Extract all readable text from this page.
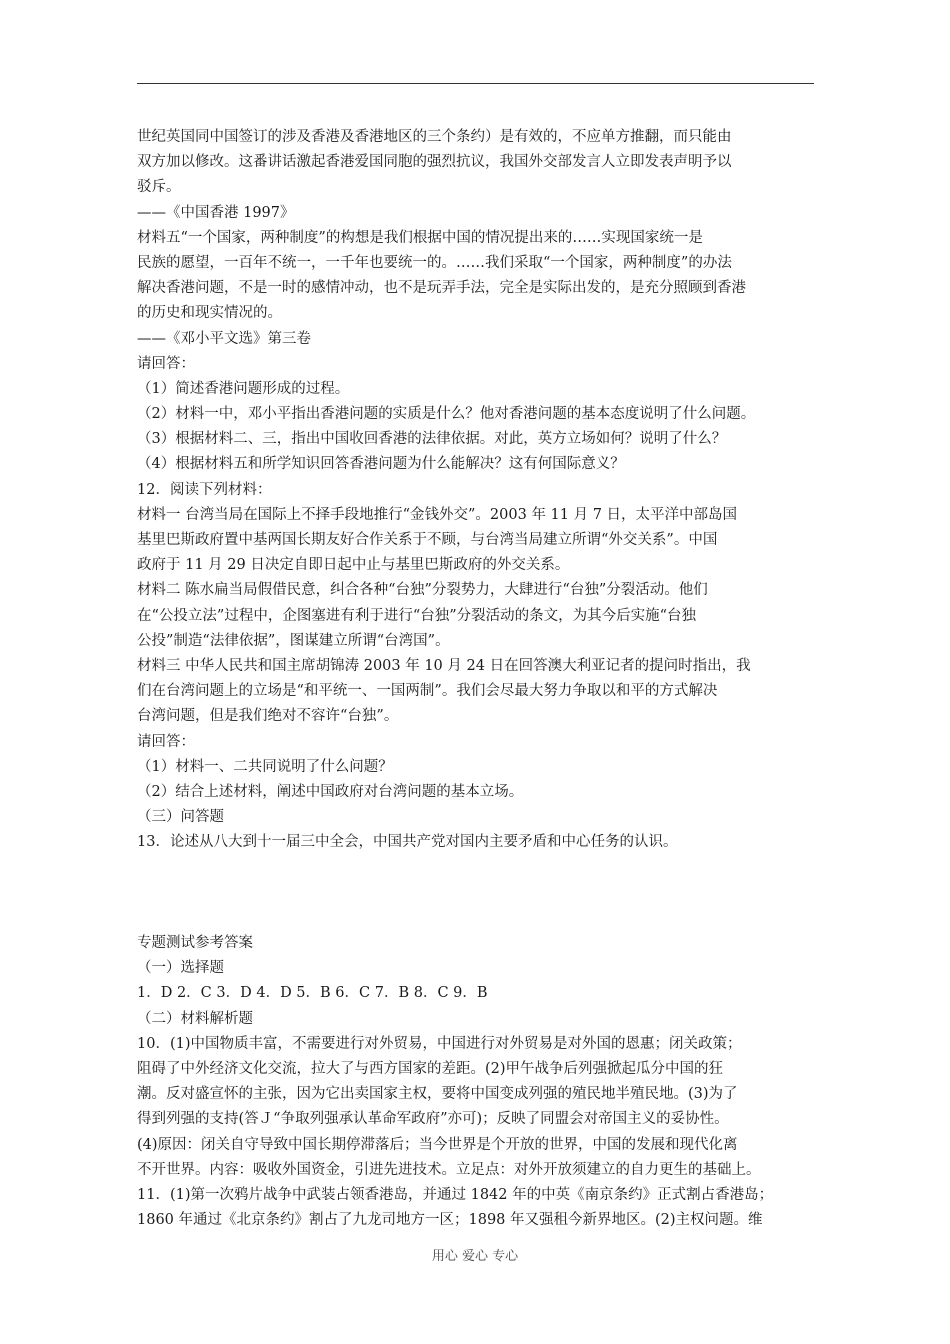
世纪英国同中国签订的涉及香港及香港地区的三个条约）是有效的，不应单方推翻，而只能由
双方加以修改。这番讲话激起香港爱国同胞的强烈抗议，我国外交部发言人立即发表声明予以
驳斥。
——《中国香港 1997》
材料五“一个国家，两种制度”的构想是我们根据中国的情况提出来的……实现国家统一是
民族的愿望，一百年不统一，一千年也要统一的。……我们采取“一个国家，两种制度”的办法
解决香港问题，不是一时的感情冲动，也不是玩弄手法，完全是实际出发的，是充分照顾到香港
的历史和现实情况的。
——《邓小平文选》第三卷
请回答：
（1）简述香港问题形成的过程。
（2）材料一中，邓小平指出香港问题的实质是什么？他对香港问题的基本态度说明了什么问题。
（3）根据材料二、三，指出中国收回香港的法律依据。对此，英方立场如何？说明了什么？
（4）根据材料五和所学知识回答香港问题为什么能解决？这有何国际意义？
12．阅读下列材料：
材料一 台湾当局在国际上不择手段地推行“金钱外交”。2003 年 11 月 7 日，太平洋中部岛国
基里巴斯政府置中基两国长期友好合作关系于不顾，与台湾当局建立所谓“外交关系”。中国
政府于 11 月 29 日决定自即日起中止与基里巴斯政府的外交关系。
材料二 陈水扁当局假借民意，纠合各种“台独”分裂势力，大肆进行“台独”分裂活动。他们
在“公投立法”过程中，企图塞进有利于进行“台独”分裂活动的条文，为其今后实施“台独
公投”制造“法律依据”，图谋建立所谓“台湾国”。
材料三 中华人民共和国主席胡锦涛 2003 年 10 月 24 日在回答澳大利亚记者的提问时指出，我
们在台湾问题上的立场是“和平统一、一国两制”。我们会尽最大努力争取以和平的方式解决
台湾问题，但是我们绝对不容许“台独”。
请回答：
（1）材料一、二共同说明了什么问题？
（2）结合上述材料，阐述中国政府对台湾问题的基本立场。
（三）问答题
13．论述从八大到十一届三中全会，中国共产党对国内主要矛盾和中心任务的认识。
专题测试参考答案
（一）选择题
1．D 2．C 3．D 4．D 5．B 6．C 7．B 8．C 9．B
（二）材料解析题
10．(1)中国物质丰富，不需要进行对外贸易，中国进行对外贸易是对外国的恩惠；闭关政策；
阻碍了中外经济文化交流，拉大了与西方国家的差距。(2)甲午战争后列强掀起瓜分中国的狂
潮。反对盛宣怀的主张，因为它出卖国家主权，要将中国变成列强的殖民地半殖民地。(3)为了
得到列强的支持(答Ｊ“争取列强承认革命军政府”亦可)；反映了同盟会对帝国主义的妥协性。
(4)原因：闭关自守导致中国长期停滞落后；当今世界是个开放的世界，中国的发展和现代化离
不开世界。内容：吸收外国资金，引进先进技术。立足点：对外开放须建立的自力更生的基础上。
11．(1)第一次鸦片战争中武装占领香港岛，并通过 1842 年的中英《南京条约》正式割占香港岛；
1860 年通过《北京条约》割占了九龙司地方一区；1898 年又强租今新界地区。(2)主权问题。维
用心 爱心 专心
